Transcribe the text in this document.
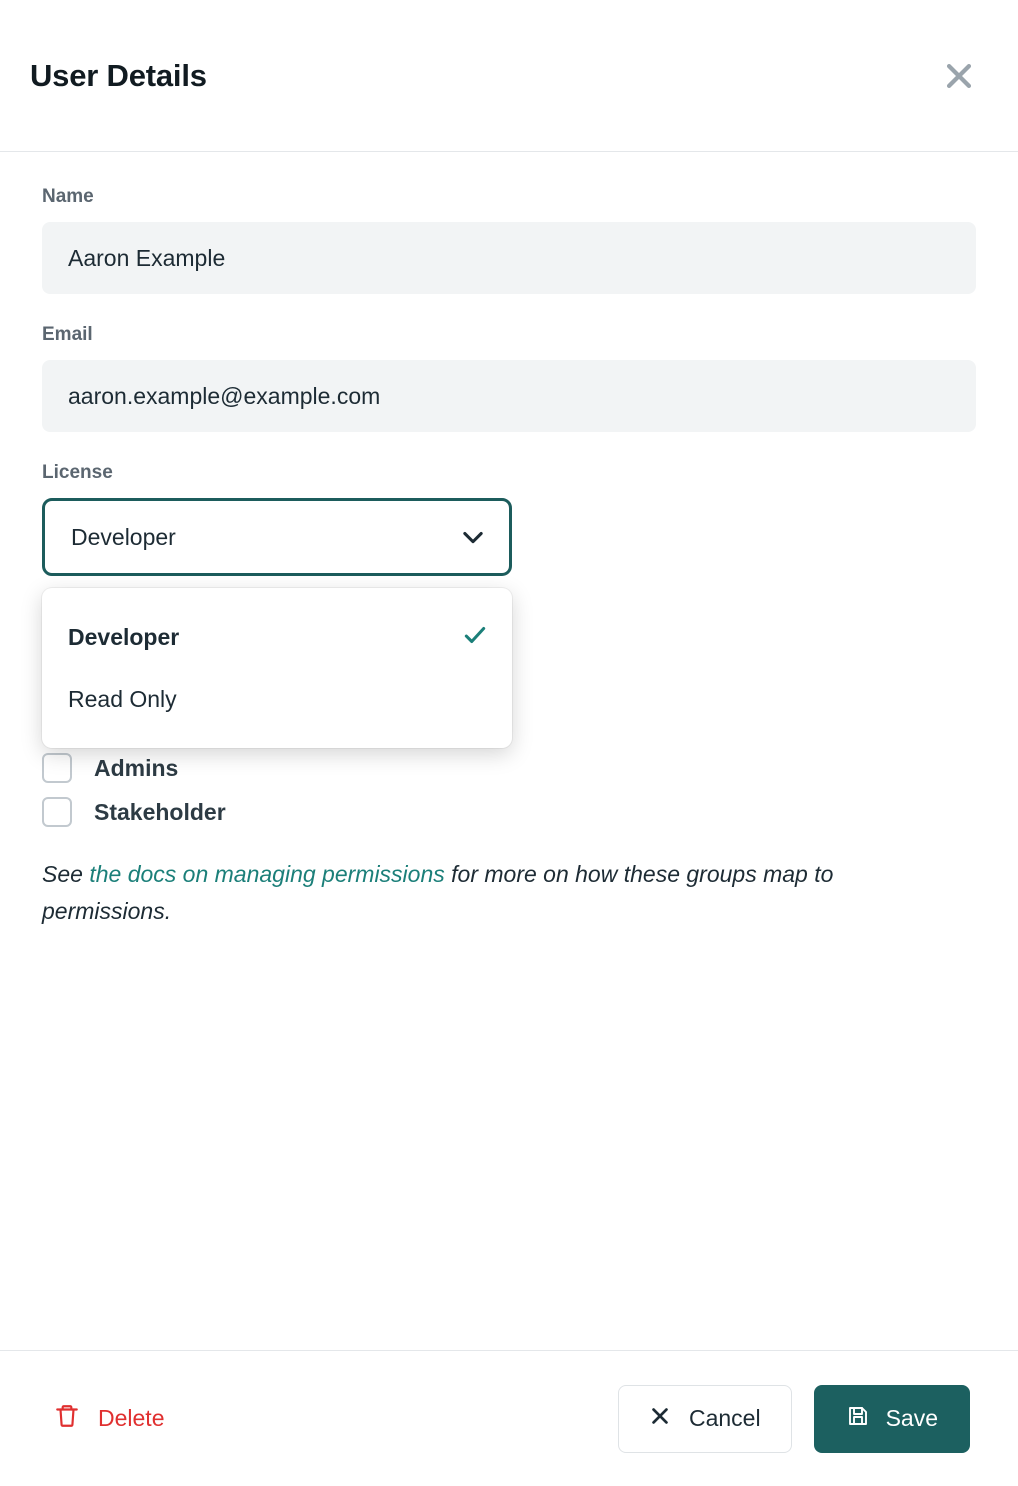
User Details
Name
Aaron Example
Email
aaron.example@example.com
License
Developer
Developer
Read Only
Admins
Stakeholder
See the docs on managing permissions for more on how these groups map to permissions.
Delete	Cancel	Save
